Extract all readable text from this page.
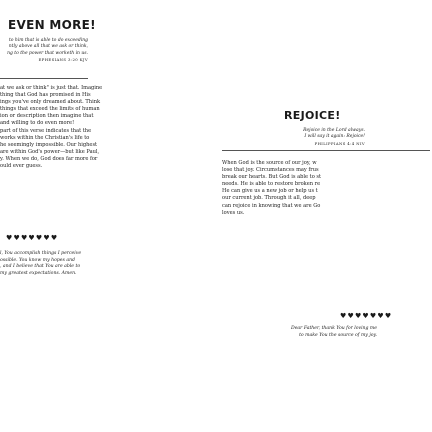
EVEN MORE!
to him that is able to do exceeding
ntly above all that we ask or think,
ng to the power that worketh in us.
EPHESIANS 3:20 KJV
at we ask or think" is just that. Imagine
thing that God has promised in His
ings you've only dreamed about. Think
things that exceed the limits of human
ion or description then imagine that
and willing to do even more!
part of this verse indicates that the
works within the Christian's life to
he seemingly impossible. Our highest
are within God's power—but like Paul,
y. When we do, God does far more for
ould ever guess.
♥♥♥♥♥♥♥
l, You accomplish things I perceive
ossible. You know my hopes and
, and I believe that You are able to
my greatest expectations. Amen.
REJOICE!
Rejoice in the Lord always.
I will say it again: Rejoice!
PHILIPPIANS 4:4 NIV
When God is the source of our joy, w
lose that joy. Circumstances may frus
break our hearts. But God is able to st
needs. He is able to restore broken re
He can give us a new job or help us t
our current job. Through it all, deep
can rejoice in knowing that we are Go
loves us.
♥♥♥♥♥♥♥
Dear Father, thank You for loving me
to make You the source of my joy.
